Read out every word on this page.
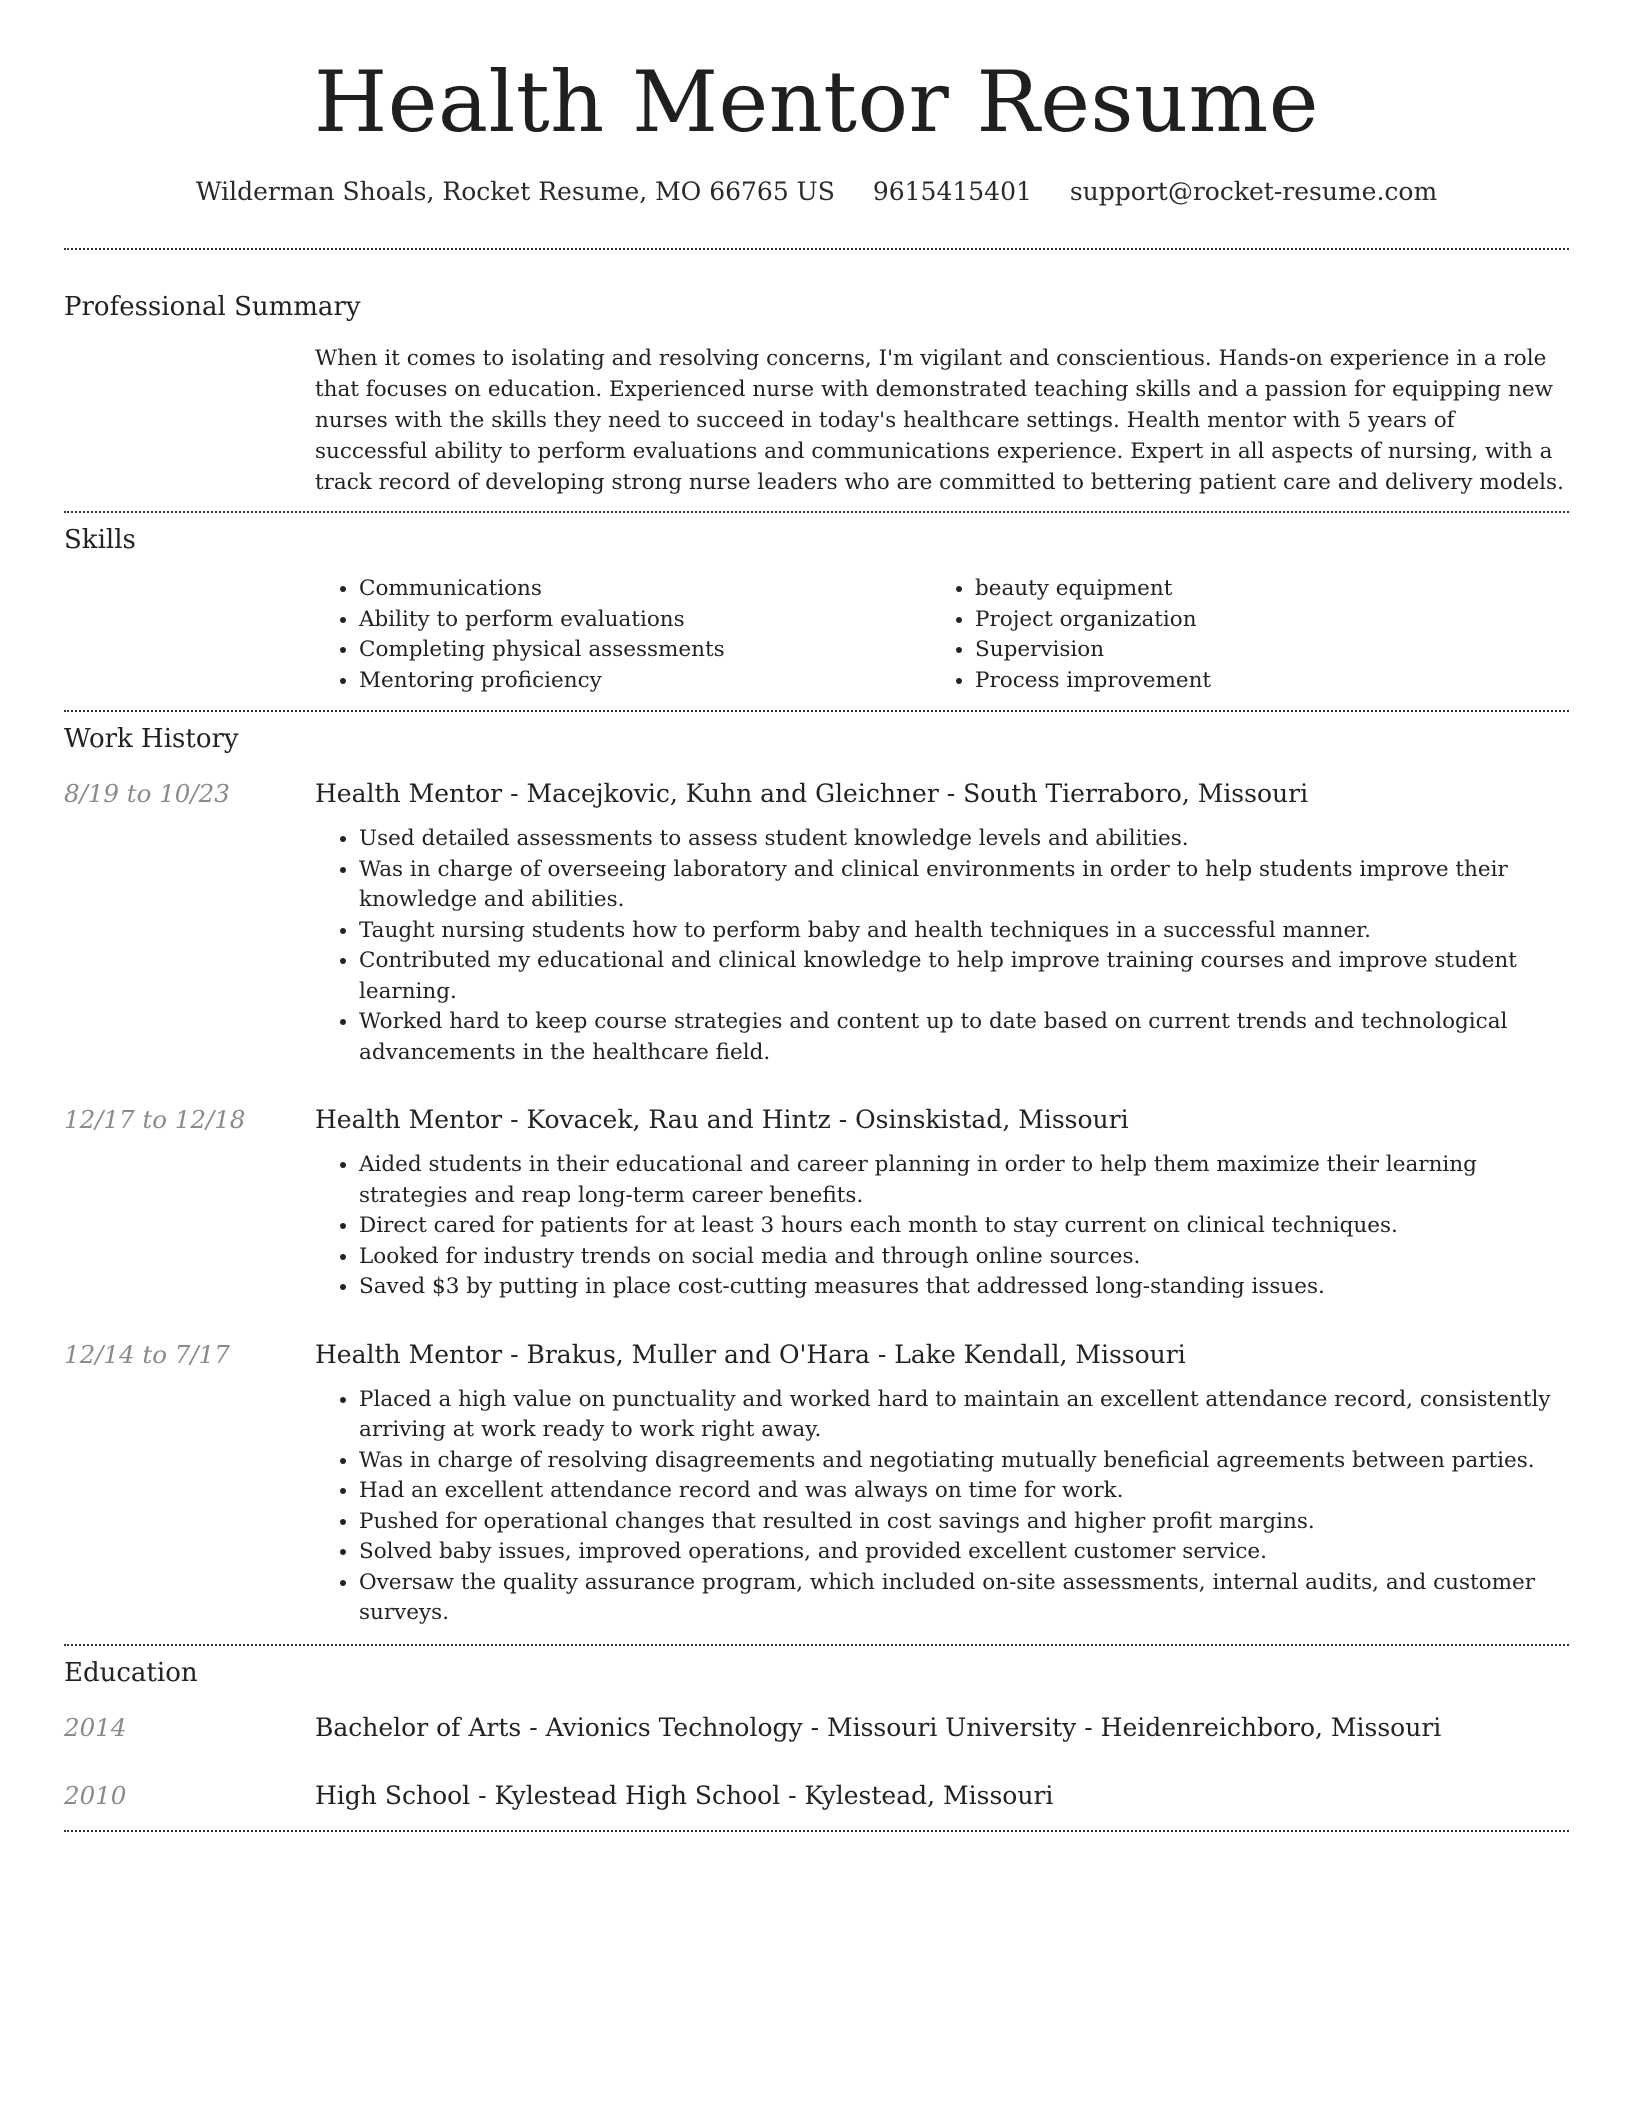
Health Mentor Resume
Wilderman Shoals, Rocket Resume, MO 66765 US 9615415401 support@rocket-resume.com
Professional Summary
When it comes to isolating and resolving concerns, I'm vigilant and conscientious. Hands-on experience in a role that focuses on education. Experienced nurse with demonstrated teaching skills and a passion for equipping new nurses with the skills they need to succeed in today's healthcare settings. Health mentor with 5 years of successful ability to perform evaluations and communications experience. Expert in all aspects of nursing, with a track record of developing strong nurse leaders who are committed to bettering patient care and delivery models.
Skills
• Communications
• Ability to perform evaluations
• Completing physical assessments
• Mentoring proficiency
• beauty equipment
• Project organization
• Supervision
• Process improvement
Work History
8/19 to 10/23	Health Mentor - Macejkovic, Kuhn and Gleichner - South Tierraboro, Missouri
• Used detailed assessments to assess student knowledge levels and abilities.
• Was in charge of overseeing laboratory and clinical environments in order to help students improve their knowledge and abilities.
• Taught nursing students how to perform baby and health techniques in a successful manner.
• Contributed my educational and clinical knowledge to help improve training courses and improve student learning.
• Worked hard to keep course strategies and content up to date based on current trends and technological advancements in the healthcare field.
12/17 to 12/18	Health Mentor - Kovacek, Rau and Hintz - Osinskistad, Missouri
• Aided students in their educational and career planning in order to help them maximize their learning strategies and reap long-term career benefits.
• Direct cared for patients for at least 3 hours each month to stay current on clinical techniques.
• Looked for industry trends on social media and through online sources.
• Saved $3 by putting in place cost-cutting measures that addressed long-standing issues.
12/14 to 7/17	Health Mentor - Brakus, Muller and O'Hara - Lake Kendall, Missouri
• Placed a high value on punctuality and worked hard to maintain an excellent attendance record, consistently arriving at work ready to work right away.
• Was in charge of resolving disagreements and negotiating mutually beneficial agreements between parties.
• Had an excellent attendance record and was always on time for work.
• Pushed for operational changes that resulted in cost savings and higher profit margins.
• Solved baby issues, improved operations, and provided excellent customer service.
• Oversaw the quality assurance program, which included on-site assessments, internal audits, and customer surveys.
Education
2014	Bachelor of Arts - Avionics Technology - Missouri University - Heidenreichboro, Missouri
2010	High School - Kylestead High School - Kylestead, Missouri
